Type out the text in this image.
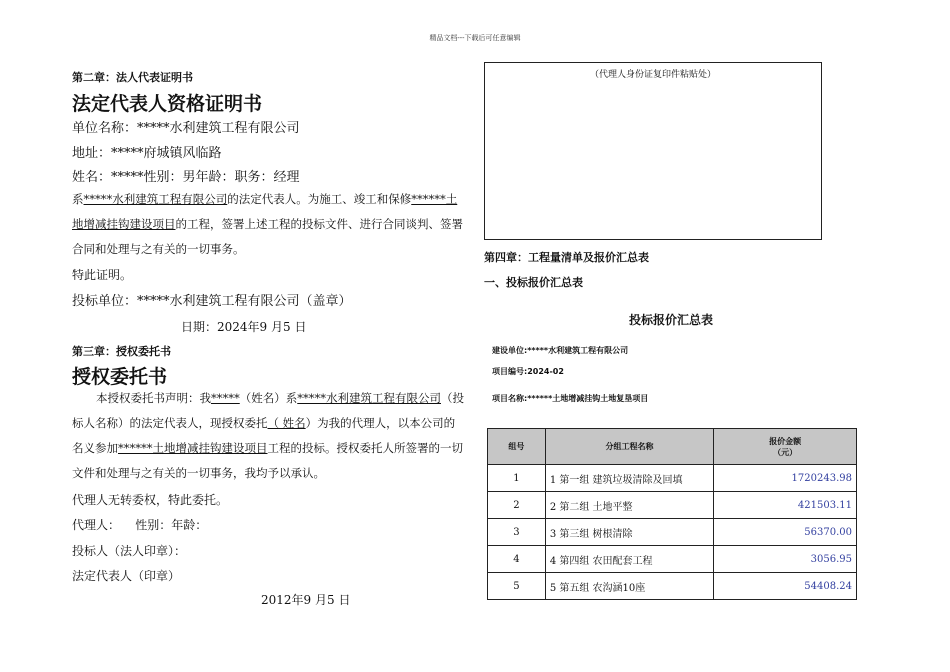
精品文档---下载后可任意编辑
第二章：法人代表证明书
法定代表人资格证明书
单位名称：*****水利建筑工程有限公司
地址：*****府城镇风临路
姓名：*****性别：男年龄：职务：经理
系*****水利建筑工程有限公司的法定代表人。为施工、竣工和保修******土地增减挂钩建设项目的工程，签署上述工程的投标文件、进行合同谈判、签署合同和处理与之有关的一切事务。
特此证明。
投标单位：*****水利建筑工程有限公司（盖章）
日期：2024年9 月5 日
第三章：授权委托书
授权委托书
本授权委托书声明：我*****（姓名）系*****水利建筑工程有限公司（投标人名称）的法定代表人，现授权委托（ 姓名）为我的代理人，以本公司的名义参加******土地增减挂钩建设项目工程的投标。授权委托人所签署的一切文件和处理与之有关的一切事务，我均予以承认。
代理人无转委权，特此委托。
代理人：    性别：年龄：
投标人（法人印章）：
法定代表人（印章）
2012年9 月5 日
（代理人身份证复印件粘贴处）
第四章：工程量清单及报价汇总表
一、投标报价汇总表
投标报价汇总表
建设单位:*****水利建筑工程有限公司
项目编号:2024-02
项目名称:******土地增减挂钩土地复垦项目
组号	分组工程名称	报价金额
（元）
1	1 第一组 建筑垃圾清除及回填	1720243.98
2	2 第二组 土地平整	421503.11
3	3 第三组 树根清除	56370.00
4	4 第四组 农田配套工程	3056.95
5	5 第五组 农沟涵10座	54408.24
